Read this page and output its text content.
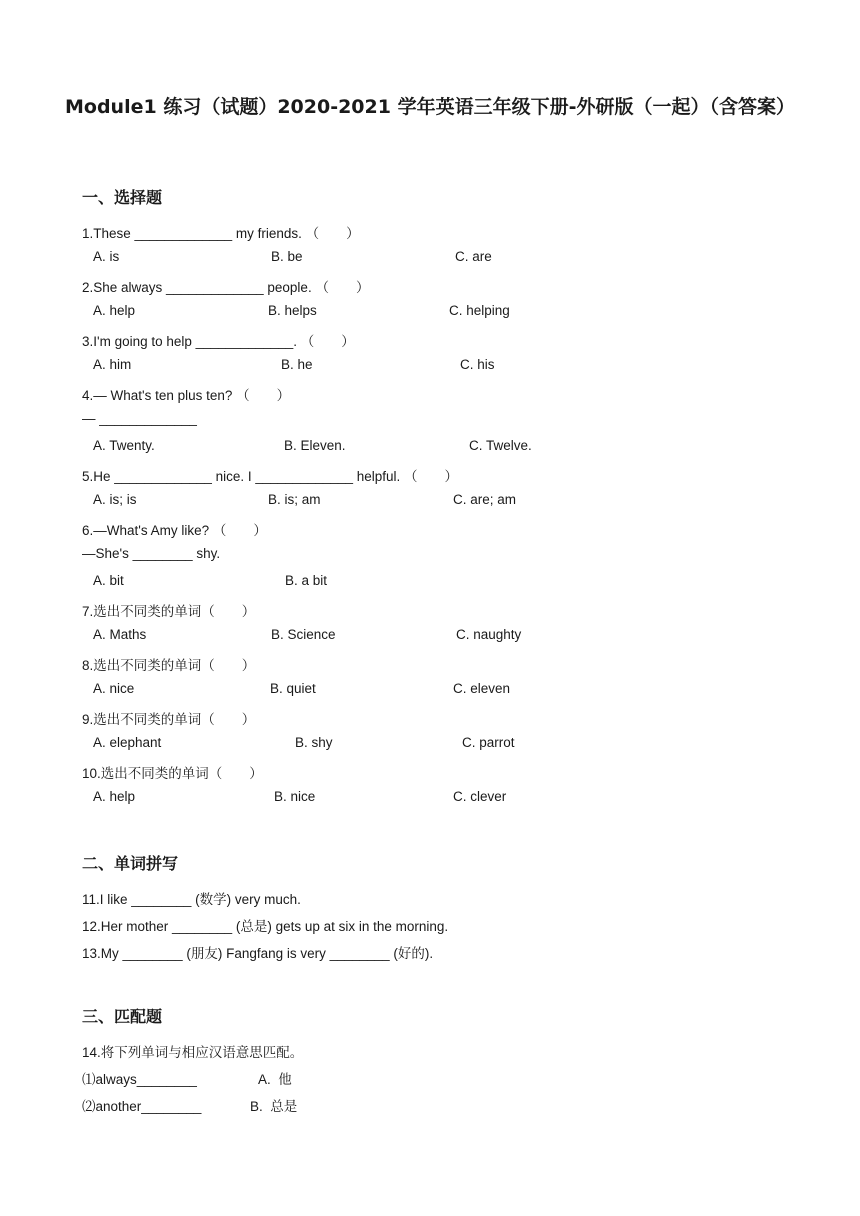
Module1 练习（试题）2020-2021 学年英语三年级下册-外研版（一起）（含答案）
一、选择题
1.These _____________ my friends. （　　）
A. is	B. be	C. are
2.She always _____________ people. （　　）
A. help	B. helps	C. helping
3.I'm going to help _____________. （　　）
A. him	B. he	C. his
4.— What's ten plus ten? （　　）
— _____________
A. Twenty.	B. Eleven.	C. Twelve.
5.He _____________ nice. I _____________ helpful. （　　）
A. is; is	B. is; am	C. are; am
6.—What's Amy like? （　　）
—She's ________ shy.
A. bit	B. a bit
7.选出不同类的单词（　　）
A. Maths	B. Science	C. naughty
8.选出不同类的单词（　　）
A. nice	B. quiet	C. eleven
9.选出不同类的单词（　　）
A. elephant	B. shy	C. parrot
10.选出不同类的单词（　　）
A. help	B. nice	C. clever
二、单词拼写
11.I like ________ (数学) very much.
12.Her mother ________ (总是) gets up at six in the morning.
13.My ________ (朋友) Fangfang is very ________ (好的).
三、匹配题
14.将下列单词与相应汉语意思匹配。
⑴always________	A.  他
⑵another________	B.  总是
